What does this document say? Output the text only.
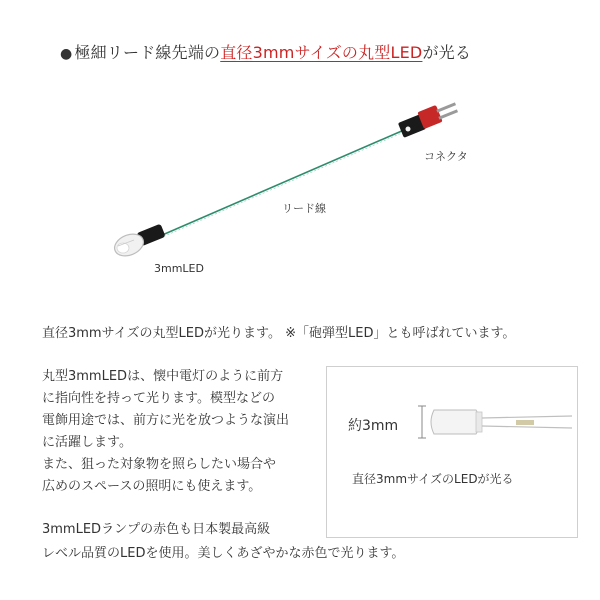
● 極細リード線先端の直径3mmサイズの丸型LEDが光る
コネクタ
リード線
3mmLED
直径3mmサイズの丸型LEDが光ります。 ※「砲弾型LED」とも呼ばれています。
丸型3mmLEDは、懐中電灯のように前方
に指向性を持って光ります。模型などの
電飾用途では、前方に光を放つような演出
に活躍します。
また、狙った対象物を照らしたい場合や
広めのスペースの照明にも使えます。
約3mm
直径3mmサイズのLEDが光る
3mmLEDランプの赤色も日本製最高級
レベル品質のLEDを使用。美しくあざやかな赤色で光ります。
